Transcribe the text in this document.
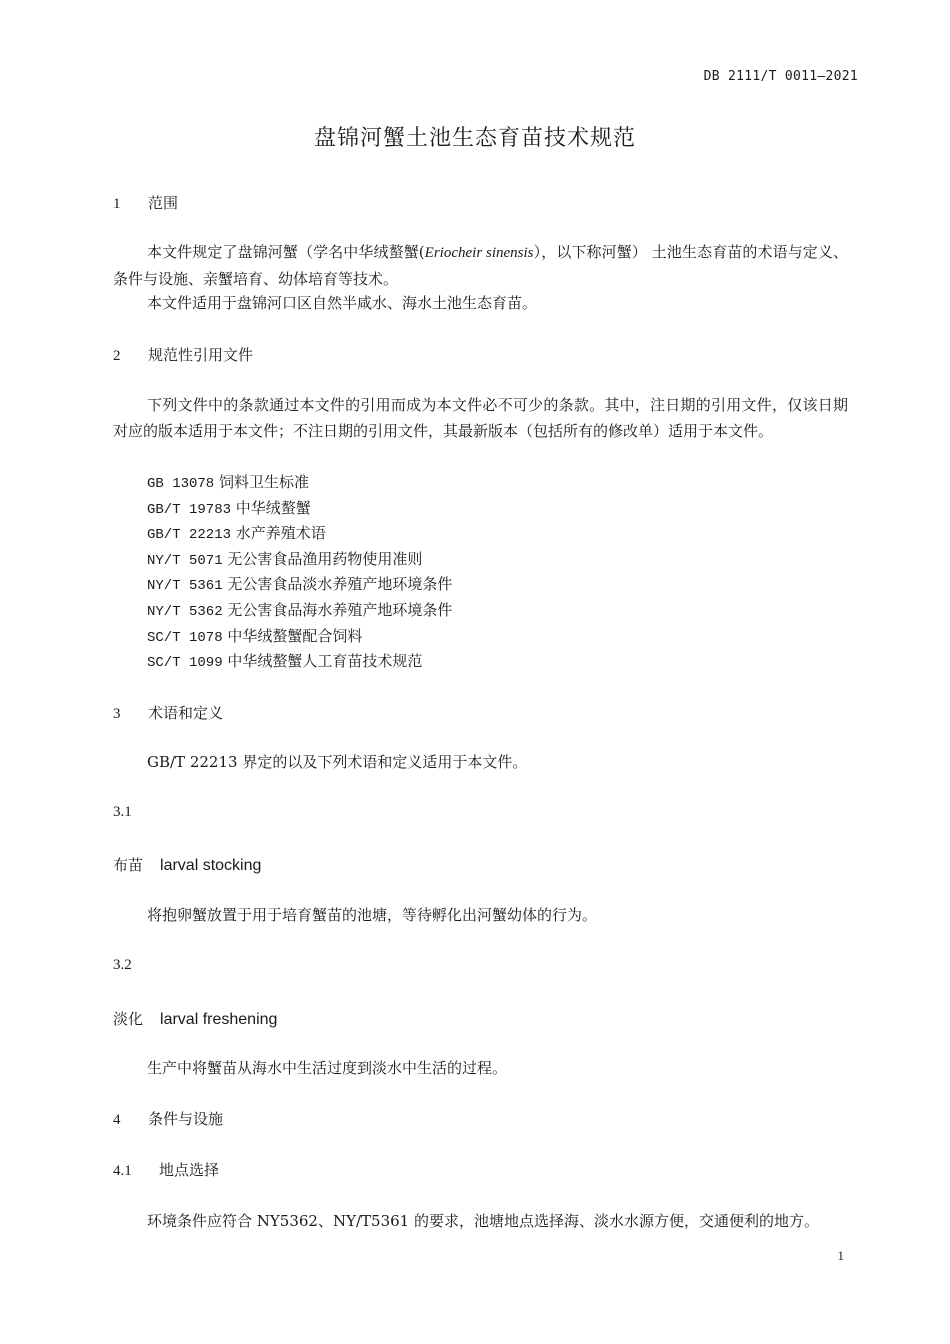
DB 2111/T 0011—2021
盘锦河蟹土池生态育苗技术规范
1 范围
本文件规定了盘锦河蟹（学名中华绒螯蟹(Eriocheir sinensis），以下称河蟹） 土池生态育苗的术语与定义、条件与设施、亲蟹培育、幼体培育等技术。
本文件适用于盘锦河口区自然半咸水、海水土池生态育苗。
2 规范性引用文件
下列文件中的条款通过本文件的引用而成为本文件必不可少的条款。其中，注日期的引用文件，仅该日期对应的版本适用于本文件；不注日期的引用文件，其最新版本（包括所有的修改单）适用于本文件。
GB 13078 饲料卫生标准
GB/T 19783 中华绒螯蟹
GB/T 22213 水产养殖术语
NY/T 5071 无公害食品渔用药物使用准则
NY/T 5361 无公害食品淡水养殖产地环境条件
NY/T 5362 无公害食品海水养殖产地环境条件
SC/T 1078 中华绒螯蟹配合饲料
SC/T 1099 中华绒螯蟹人工育苗技术规范
3 术语和定义
GB/T 22213 界定的以及下列术语和定义适用于本文件。
3.1
布苗 larval stocking
将抱卵蟹放置于用于培育蟹苗的池塘，等待孵化出河蟹幼体的行为。
3.2
淡化 larval freshening
生产中将蟹苗从海水中生活过度到淡水中生活的过程。
4 条件与设施
4.1 地点选择
环境条件应符合 NY5362、NY/T5361 的要求，池塘地点选择海、淡水水源方便，交通便利的地方。
1
